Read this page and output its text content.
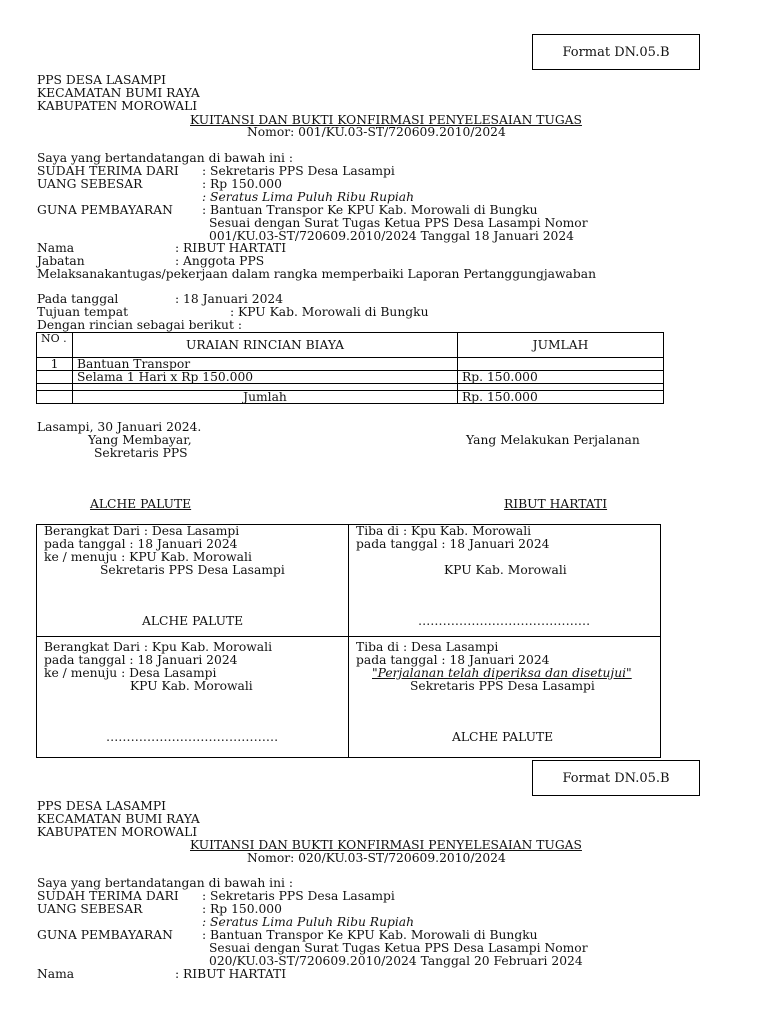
Format DN.05.B
PPS DESA LASAMPI
KECAMATAN BUMI RAYA
KABUPATEN MOROWALI
KUITANSI DAN BUKTI KONFIRMASI PENYELESAIAN TUGAS
Nomor: 001/KU.03-ST/720609.2010/2024
Saya yang bertandatangan di bawah ini :
SUDAH TERIMA DARI : Sekretaris PPS Desa Lasampi
UANG SEBESAR	: Rp 150.000
: Seratus Lima Puluh Ribu Rupiah
GUNA PEMBAYARAN : Bantuan Transpor Ke KPU Kab. Morowali di Bungku
Sesuai dengan Surat Tugas Ketua PPS Desa Lasampi Nomor
001/KU.03-ST/720609.2010/2024 Tanggal 18 Januari 2024
Nama	: RIBUT HARTATI
Jabatan	: Anggota PPS
Melaksanakantugas/pekerjaan dalam rangka memperbaiki Laporan Pertanggungjawaban
Pada tanggal	: 18 Januari 2024
Tujuan tempat	: KPU Kab. Morowali di Bungku
Dengan rincian sebagai berikut :
NO .	URAIAN RINCIAN BIAYA	JUMLAH
1	Bantuan Transpor	
	Selama 1 Hari x Rp 150.000	Rp. 150.000

	Jumlah	Rp. 150.000
Lasampi, 30 Januari 2024.
Yang Membayar,
Sekretaris PPS
Yang Melakukan Perjalanan
ALCHE PALUTE	RIBUT HARTATI
Berangkat Dari : Desa Lasampi
pada tanggal : 18 Januari 2024
ke / menuju : KPU Kab. Morowali
Sekretaris PPS Desa Lasampi
ALCHE PALUTE
Tiba di : Kpu Kab. Morowali
pada tanggal : 18 Januari 2024
KPU Kab. Morowali
……………………………………
Berangkat Dari : Kpu Kab. Morowali
pada tanggal : 18 Januari 2024
ke / menuju : Desa Lasampi
KPU Kab. Morowali
……………………………………
Tiba di : Desa Lasampi
pada tanggal : 18 Januari 2024
"Perjalanan telah diperiksa dan disetujui"
Sekretaris PPS Desa Lasampi
ALCHE PALUTE
Format DN.05.B
PPS DESA LASAMPI
KECAMATAN BUMI RAYA
KABUPATEN MOROWALI
KUITANSI DAN BUKTI KONFIRMASI PENYELESAIAN TUGAS
Nomor: 020/KU.03-ST/720609.2010/2024
Saya yang bertandatangan di bawah ini :
SUDAH TERIMA DARI : Sekretaris PPS Desa Lasampi
UANG SEBESAR	: Rp 150.000
: Seratus Lima Puluh Ribu Rupiah
GUNA PEMBAYARAN : Bantuan Transpor Ke KPU Kab. Morowali di Bungku
Sesuai dengan Surat Tugas Ketua PPS Desa Lasampi Nomor
020/KU.03-ST/720609.2010/2024 Tanggal 20 Februari 2024
Nama	: RIBUT HARTATI
